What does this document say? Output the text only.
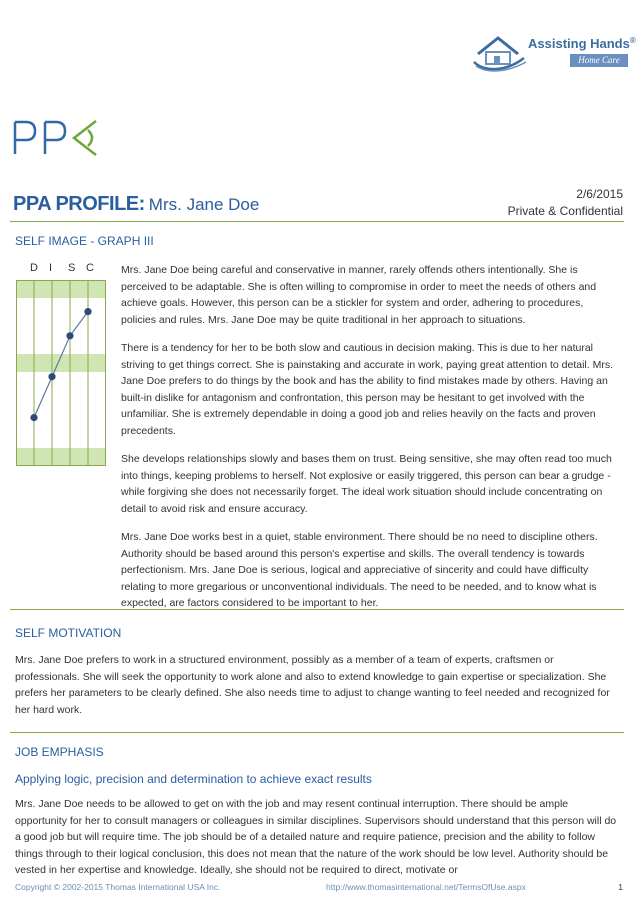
Assisting Hands®
Home Care
PPA PROFILE: Mrs. Jane Doe
2/6/2015
Private & Confidential
SELF IMAGE - GRAPH III
D I S C	Mrs. Jane Doe being careful and conservative in manner, rarely offends others intentionally. She is perceived to be adaptable. She is often willing to compromise in order to meet the needs of others and achieve goals. However, this person can be a stickler for system and order, adhering to procedures, policies and rules. Mrs. Jane Doe may be quite traditional in her approach to situations.

There is a tendency for her to be both slow and cautious in decision making. This is due to her natural striving to get things correct. She is painstaking and accurate in work, paying great attention to detail. Mrs. Jane Doe prefers to do things by the book and has the ability to find mistakes made by others. Having an built-in dislike for antagonism and confrontation, this person may be hesitant to get involved with the unfamiliar. She is extremely dependable in doing a good job and relies heavily on the facts and proven precedents.

She develops relationships slowly and bases them on trust. Being sensitive, she may often read too much into things, keeping problems to herself. Not explosive or easily triggered, this person can bear a grudge - while forgiving she does not necessarily forget. The ideal work situation should include concentrating on detail to avoid risk and ensure accuracy.

Mrs. Jane Doe works best in a quiet, stable environment. There should be no need to discipline others. Authority should be based around this person's expertise and skills. The overall tendency is towards perfectionism. Mrs. Jane Doe is serious, logical and appreciative of sincerity and could have difficulty relating to more gregarious or unconventional individuals. The need to be needed, and to know what is expected, are factors considered to be important to her.

SELF MOTIVATION

Mrs. Jane Doe prefers to work in a structured environment, possibly as a member of a team of experts, craftsmen or professionals. She will seek the opportunity to work alone and also to extend knowledge to gain expertise or specialization. She prefers her parameters to be clearly defined. She also needs time to adjust to change wanting to feel needed and recognized for her hard work.

JOB EMPHASIS
Applying logic, precision and determination to achieve exact results

Mrs. Jane Doe needs to be allowed to get on with the job and may resent continual interruption. There should be ample opportunity for her to consult managers or colleagues in similar disciplines. Supervisors should understand that this person will do a good job but will require time. The job should be of a detailed nature and require patience, precision and the ability to follow things through to their logical conclusion, this does not mean that the nature of the work should be low level. Authority should be vested in her expertise and knowledge. Ideally, she should not be required to direct, motivate or

Copyright © 2002-2015 Thomas International USA Inc.	http://www.thomasinternational.net/TermsOfUse.aspx	1
